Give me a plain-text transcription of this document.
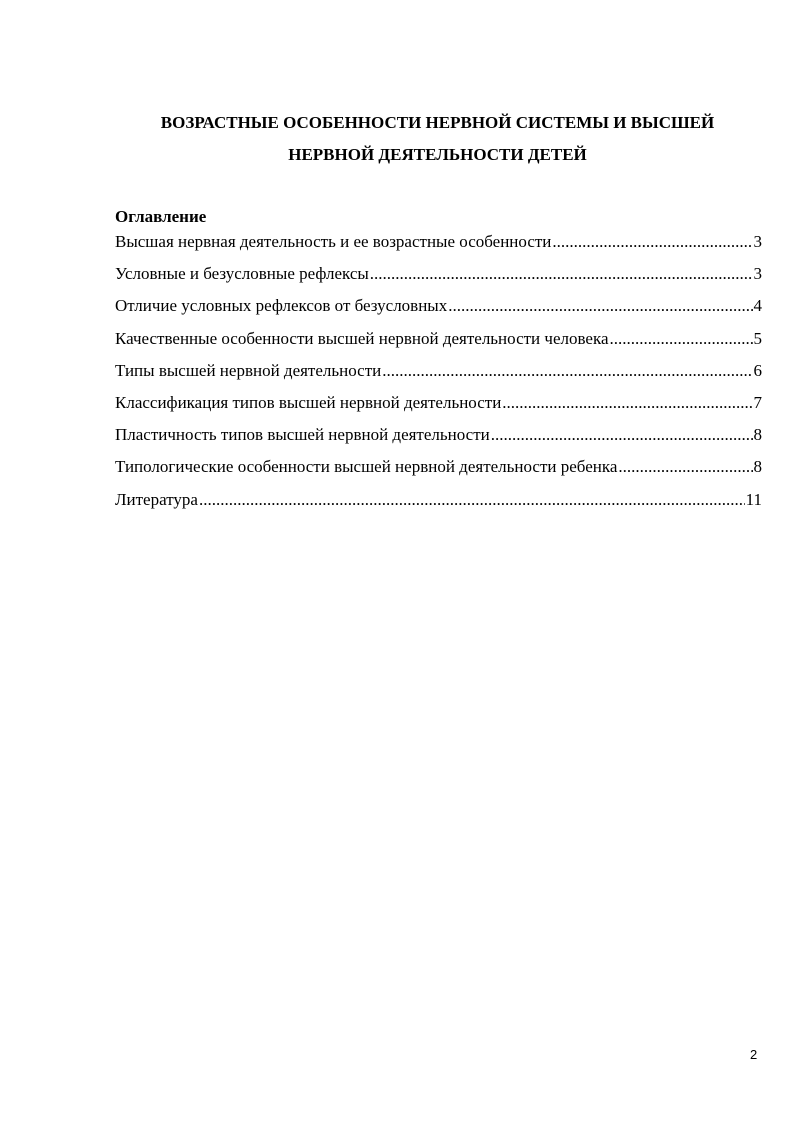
ВОЗРАСТНЫЕ ОСОБЕННОСТИ НЕРВНОЙ СИСТЕМЫ И ВЫСШЕЙ
НЕРВНОЙ ДЕЯТЕЛЬНОСТИ ДЕТЕЙ
Оглавление
Высшая нервная деятельность и ее возрастные особенности .....	3
Условные и безусловные рефлексы .....	3
Отличие условных рефлексов от безусловных .....	4
Качественные особенности высшей нервной деятельности человека .....	5
Типы высшей нервной деятельности .....	6
Классификация типов высшей нервной деятельности .....	7
Пластичность типов высшей нервной деятельности .....	8
Типологические особенности высшей нервной деятельности ребенка .....	8
Литература .....	11
2
